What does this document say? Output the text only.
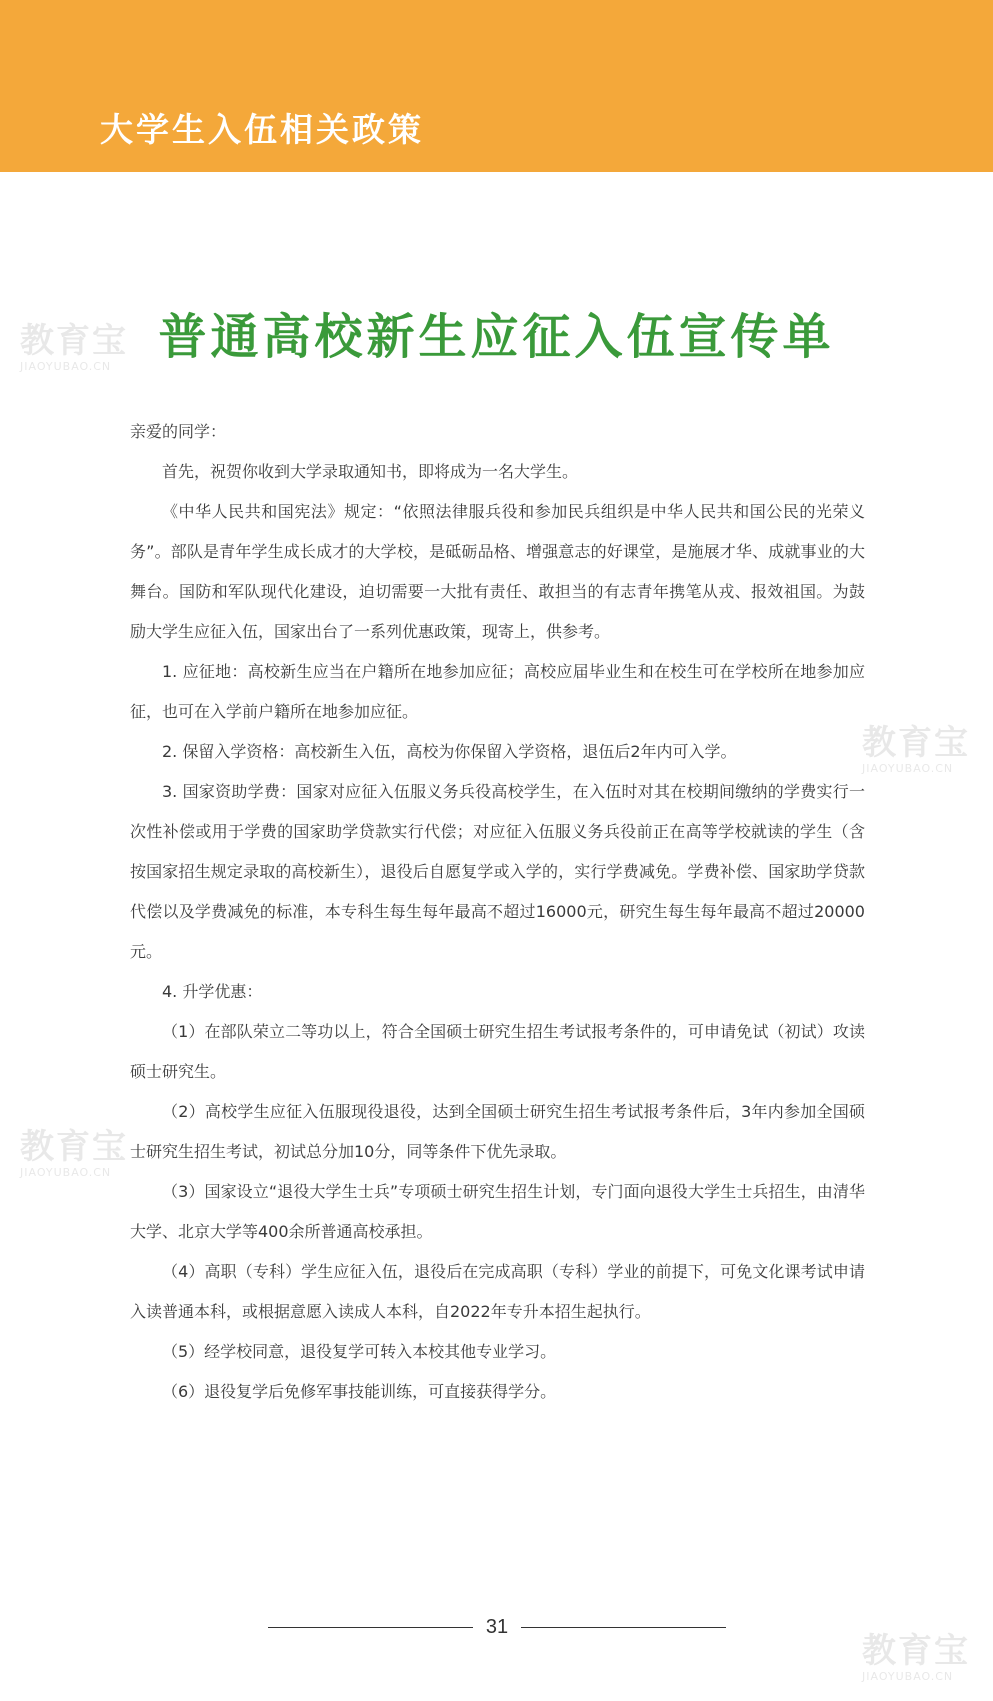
大学生入伍相关政策
普通高校新生应征入伍宣传单

亲爱的同学：

首先，祝贺你收到大学录取通知书，即将成为一名大学生。

《中华人民共和国宪法》规定：“依照法律服兵役和参加民兵组织是中华人民共和国公民的光荣义务”。部队是青年学生成长成才的大学校，是砥砺品格、增强意志的好课堂，是施展才华、成就事业的大舞台。国防和军队现代化建设，迫切需要一大批有责任、敢担当的有志青年携笔从戎、报效祖国。为鼓励大学生应征入伍，国家出台了一系列优惠政策，现寄上，供参考。

1. 应征地：高校新生应当在户籍所在地参加应征；高校应届毕业生和在校生可在学校所在地参加应征，也可在入学前户籍所在地参加应征。

2. 保留入学资格：高校新生入伍，高校为你保留入学资格，退伍后2年内可入学。

3. 国家资助学费：国家对应征入伍服义务兵役高校学生，在入伍时对其在校期间缴纳的学费实行一次性补偿或用于学费的国家助学贷款实行代偿；对应征入伍服义务兵役前正在高等学校就读的学生（含按国家招生规定录取的高校新生），退役后自愿复学或入学的，实行学费减免。学费补偿、国家助学贷款代偿以及学费减免的标准，本专科生每生每年最高不超过16000元，研究生每生每年最高不超过20000元。

4. 升学优惠：

（1）在部队荣立二等功以上，符合全国硕士研究生招生考试报考条件的，可申请免试（初试）攻读硕士研究生。

（2）高校学生应征入伍服现役退役，达到全国硕士研究生招生考试报考条件后，3年内参加全国硕士研究生招生考试，初试总分加10分，同等条件下优先录取。

（3）国家设立“退役大学生士兵”专项硕士研究生招生计划，专门面向退役大学生士兵招生，由清华大学、北京大学等400余所普通高校承担。

（4）高职（专科）学生应征入伍，退役后在完成高职（专科）学业的前提下，可免文化课考试申请入读普通本科，或根据意愿入读成人本科，自2022年专升本招生起执行。

（5）经学校同意，退役复学可转入本校其他专业学习。

（6）退役复学后免修军事技能训练，可直接获得学分。

教育宝
JIAOYUBAO.CN
教育宝
JIAOYUBAO.CN
教育宝
JIAOYUBAO.CN
教育宝
JIAOYUBAO.CN
31
